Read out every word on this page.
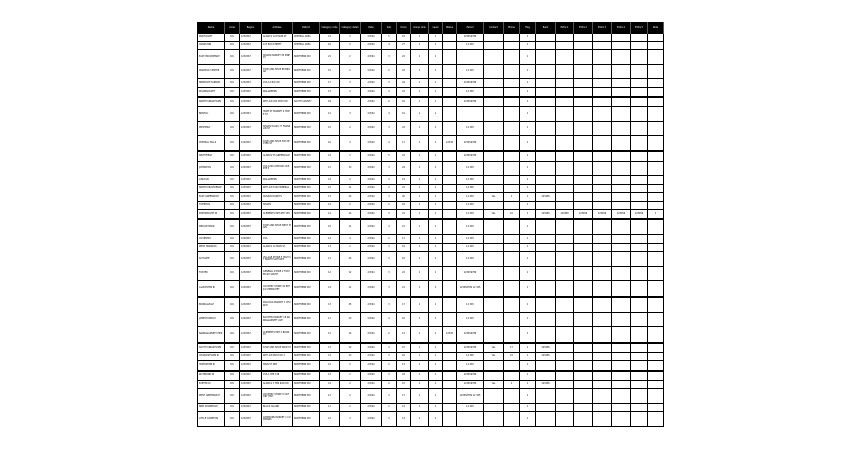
Name	Code	Region	Address	District	Category code	Category detail	Date	Sub	Score	Group rank	Level	Status	Period	Contact	Phone	Flag	Rank	Extra 1	Extra 2	Extra 3	Extra 4	Extra 5	Note
PAWTUCKET	RI1	1234567	ALMACS 123 MAIN ST	CENTRAL AREA	14	3	2/3/04	5	19	1	1		123456789			1							
CRANSTON	RI1	1234567	123 ELM STREET	CENTRAL AREA	16	3	2/3/04	4	27	1	1		12 345			1							
EAST PROVIDENCE	RI1	1234567	SHAWS MARKET 45 PINE ST	NORTHERN DIV	21	2	2/3/04	3	22	1	1					1							
WARWICK CENTER	RI1	1234567	STOP AND SHOP 88 BROAD	NORTHERN DIV	15	2	2/3/04	2	18	1	1		12 345			1							
NEWPORT HARBOR	RI1	1234567	CVS 12 BAY RD	NORTHERN DIV	17	3	2/3/04	3	24	1	1		123456789			1							
WOONSOCKET	RI1	1234567	WALGREENS	NORTHERN DIV	13	2	2/3/04	3	21	1	1		12 345			1							
NORTH KINGSTOWN	RI1	1234567	RITE AID 200 POST RD	SOUTH COUNTY	18	2	2/3/04	2	16	1	1		123456789			1							
BRISTOL	RI1	1234567	HOPE ST MARKET 9 HOPE ST	NORTHERN DIV	12	3	2/3/04	4	19	1	1					1							
WESTERLY	RI1	1234567	SHAWS PLAZA 77 FRANKLIN ST	NORTHERN DIV	15	2	2/3/04	3	22	1	1		12 345			1							
CENTRAL FALLS	RI1	1234567	STOP AND SHOP 300 DEXTER ST	NORTHERN DIV	16	3	2/3/04	4	17	1	1	12345	123456789			1							
SMITHFIELD	RI1	1234567	ALMACS 55 GREENVILLE	NORTHERN DIV	14	3	2/3/04	5	21	1	1		123456789			1							
JOHNSTON	RI1	1234567	CVS 1600 ATWOOD AVE RTE 5	NORTHERN DIV	11	13	2/3/04	3	24	1	1		12 345			1							
LINCOLN	RI1	1234567	WALGREENS	NORTHERN DIV	14	2	2/3/04	3	19	1	1		12 345			1							
NORTH PROVIDENCE	RI1	1234567	RITE AID 1500 MINERAL	NORTHERN DIV	12	11	2/3/04	2	21	1	1		12 345			1							
EAST GREENWICH	RI1	1234567	DUNKIN DONUTS	NORTHERN DIV	13	22	2/3/04	3	20	1	1		12 345	Yes	1	1	123456						
TIVERTON	RI1	1234567	SHAWS	NORTHERN DIV	12	2	2/3/04	2	18	1	1		12 345			1							
PORTSMOUTH RI	RI1	1234567	CLEMENTS MKT RTE 138	NORTHERN DIV	14	14	2/3/04	3	21	1	1		12 345	Yes	10	1	123456	123456	123456	123456	123456	123456	1
MIDDLETOWN	RI1	1234567	STOP AND SHOP WEST MAIN	NORTHERN DIV	15	11	2/3/04	4	21	1	1		12 345			1							
COVENTRY	RI1	1234567	CVS	NORTHERN DIV	12	4	2/3/04	2	17	1	1		12 345			1							
WEST WARWICK	RI1	1234567	ALMACS 12 MAIN ST	NORTHERN DIV	13	2	2/3/04	3	19	1	1		12 345			1							
SCITUATE	RI1	1234567	VILLAGE STORE 5 HIGH ST NORTH SCITUATE	NORTHERN DIV	11	24	2/3/04	2	16	1	1		12 345			1							
FOSTER	RI1	1234567	GENERAL STORE 2 FOSTER RD SOUTH	NORTHERN DIV	12	12	2/3/04	3	22	1	1		123456789			1							
GLOCESTER RI	RI1	1234567	COUNTRY STORE 44 RTE 44 CHEPACHET	NORTHERN DIV	14	11	2/3/04	3	21	1	1		123456789 12 345			1							
BURRILLVILLE	RI1	1234567	PASCOAG MARKET 7 CHURCH	NORTHERN DIV	13	25	2/3/04	3	17	1	1		12 345			1							
JAMESTOWN RI	RI1	1234567	BAYVIEW MARKET 18 NARRAGANSETT AVE	NORTHERN DIV	11	23	2/3/04	4	16	1	1		12 345			1							
NARRAGANSETT PIER	RI1	1234567	CLEMENTS MKT 2 BOON ST	NORTHERN DIV	12	14	2/3/04	2	14	1	1	12345	123456789			1							
SOUTH KINGSTOWN	RI1	1234567	STOP AND SHOP MAIN ST	NORTHERN DIV	13	12	2/3/04	3	15	1	1		123456789	Yes	17	1	123456						
CHARLESTOWN RI	RI1	1234567	RITE AID POST RD 2	NORTHERN DIV	14	13	2/3/04	3	16	1	1		12 345	Yes	15	1	123456						
HOPKINTON RI	RI1	1234567	MAIN ST MKT	NORTHERN DIV	12	3	2/3/04	2	13	1	1		12 345			1							
RICHMOND RI	RI1	1234567	CVS 1 RTE 138	NORTHERN DIV	13	2	2/3/04	3	18	1	1		123456789			1							
EXETER RI	RI1	1234567	ALMACS 3 TEN ROD RD	NORTHERN DIV	14	2	2/3/04	2	15	1	1		123456789	Yes	1	1	123456						
WEST GREENWICH	RI1	1234567	COUNTRY STORE 9 VICTORY HWY	NORTHERN DIV	12	2	2/3/04	3	17	1	1		123456789 12 345			1							
NEW SHOREHAM	RI1	1234567	BLOCK ISLAND	NORTHERN DIV	11	2	2/3/04	2	14	1	1		12 345			1							
LITTLE COMPTON	RI1	1234567	COMMONS MARKET 1 COMMONS	NORTHERN DIV	12	3	2/3/04	2	13	1	1					1							
